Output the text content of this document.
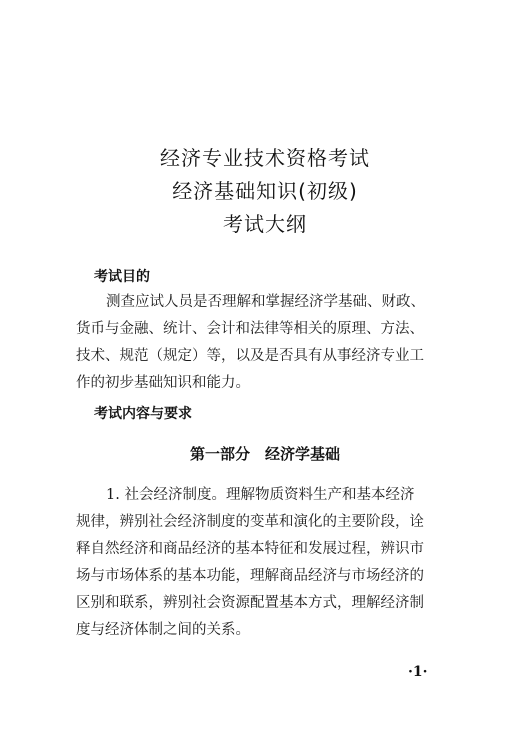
经济专业技术资格考试
经济基础知识(初级)
考试大纲
考试目的
测查应试人员是否理解和掌握经济学基础、财政、
货币与金融、统计、会计和法律等相关的原理、方法、
技术、规范（规定）等，以及是否具有从事经济专业工
作的初步基础知识和能力。
考试内容与要求
第一部分　经济学基础
1. 社会经济制度。理解物质资料生产和基本经济
规律，辨别社会经济制度的变革和演化的主要阶段，诠
释自然经济和商品经济的基本特征和发展过程，辨识市
场与市场体系的基本功能，理解商品经济与市场经济的
区别和联系，辨别社会资源配置基本方式，理解经济制
度与经济体制之间的关系。
·1·
